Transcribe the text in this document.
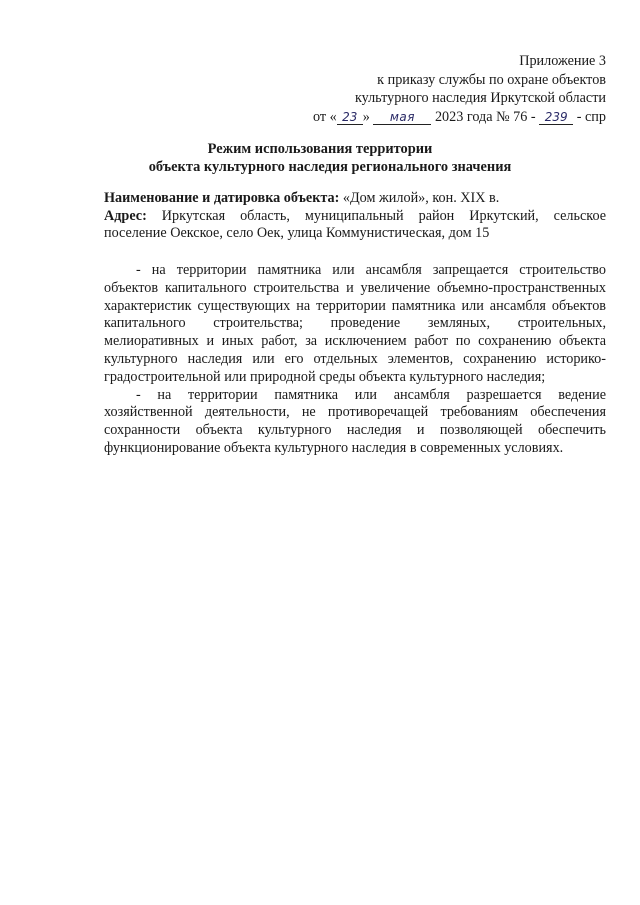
Приложение 3
к приказу службы по охране объектов
культурного наследия Иркутской области
от « 23 » мая 2023 года № 76 - 239 - спр
Режим использования территории
объекта культурного наследия регионального значения
Наименование и датировка объекта: «Дом жилой», кон. XIX в.
Адрес: Иркутская область, муниципальный район Иркутский, сельское
поселение Оекское, село Оек, улица Коммунистическая, дом 15

- на территории памятника или ансамбля запрещается строительство объектов капитального строительства и увеличение объемно-пространственных характеристик существующих на территории памятника или ансамбля объектов капитального строительства; проведение земляных, строительных, мелиоративных и иных работ, за исключением работ по сохранению объекта культурного наследия или его отдельных элементов, сохранению историко-градостроительной или природной среды объекта культурного наследия;

- на территории памятника или ансамбля разрешается ведение хозяйственной деятельности, не противоречащей требованиям обеспечения сохранности объекта культурного наследия и позволяющей обеспечить функционирование объекта культурного наследия в современных условиях.
